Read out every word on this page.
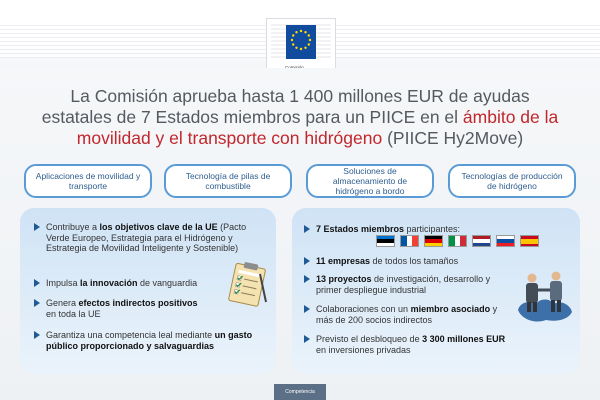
La Comisión aprueba hasta 1 400 millones EUR de ayudas estatales de 7 Estados miembros para un PIICE en el ámbito de la movilidad y el transporte con hidrógeno (PIICE Hy2Move)
Aplicaciones de movilidad y transporte
Tecnología de pilas de combustible
Soluciones de almacenamiento de hidrógeno a bordo
Tecnologías de producción de hidrógeno
Contribuye a los objetivos clave de la UE (Pacto Verde Europeo, Estrategia para el Hidrógeno y Estrategia de Movilidad Inteligente y Sostenible)
Impulsa la innovación de vanguardia
Genera efectos indirectos positivos en toda la UE
Garantiza una competencia leal mediante un gasto público proporcionado y salvaguardias
7 Estados miembros participantes:
11 empresas de todos los tamaños
13 proyectos de investigación, desarrollo y primer despliegue industrial
Colaboraciones con un miembro asociado y más de 200 socios indirectos
Previsto el desbloqueo de 3 300 millones EUR en inversiones privadas
Competencia
